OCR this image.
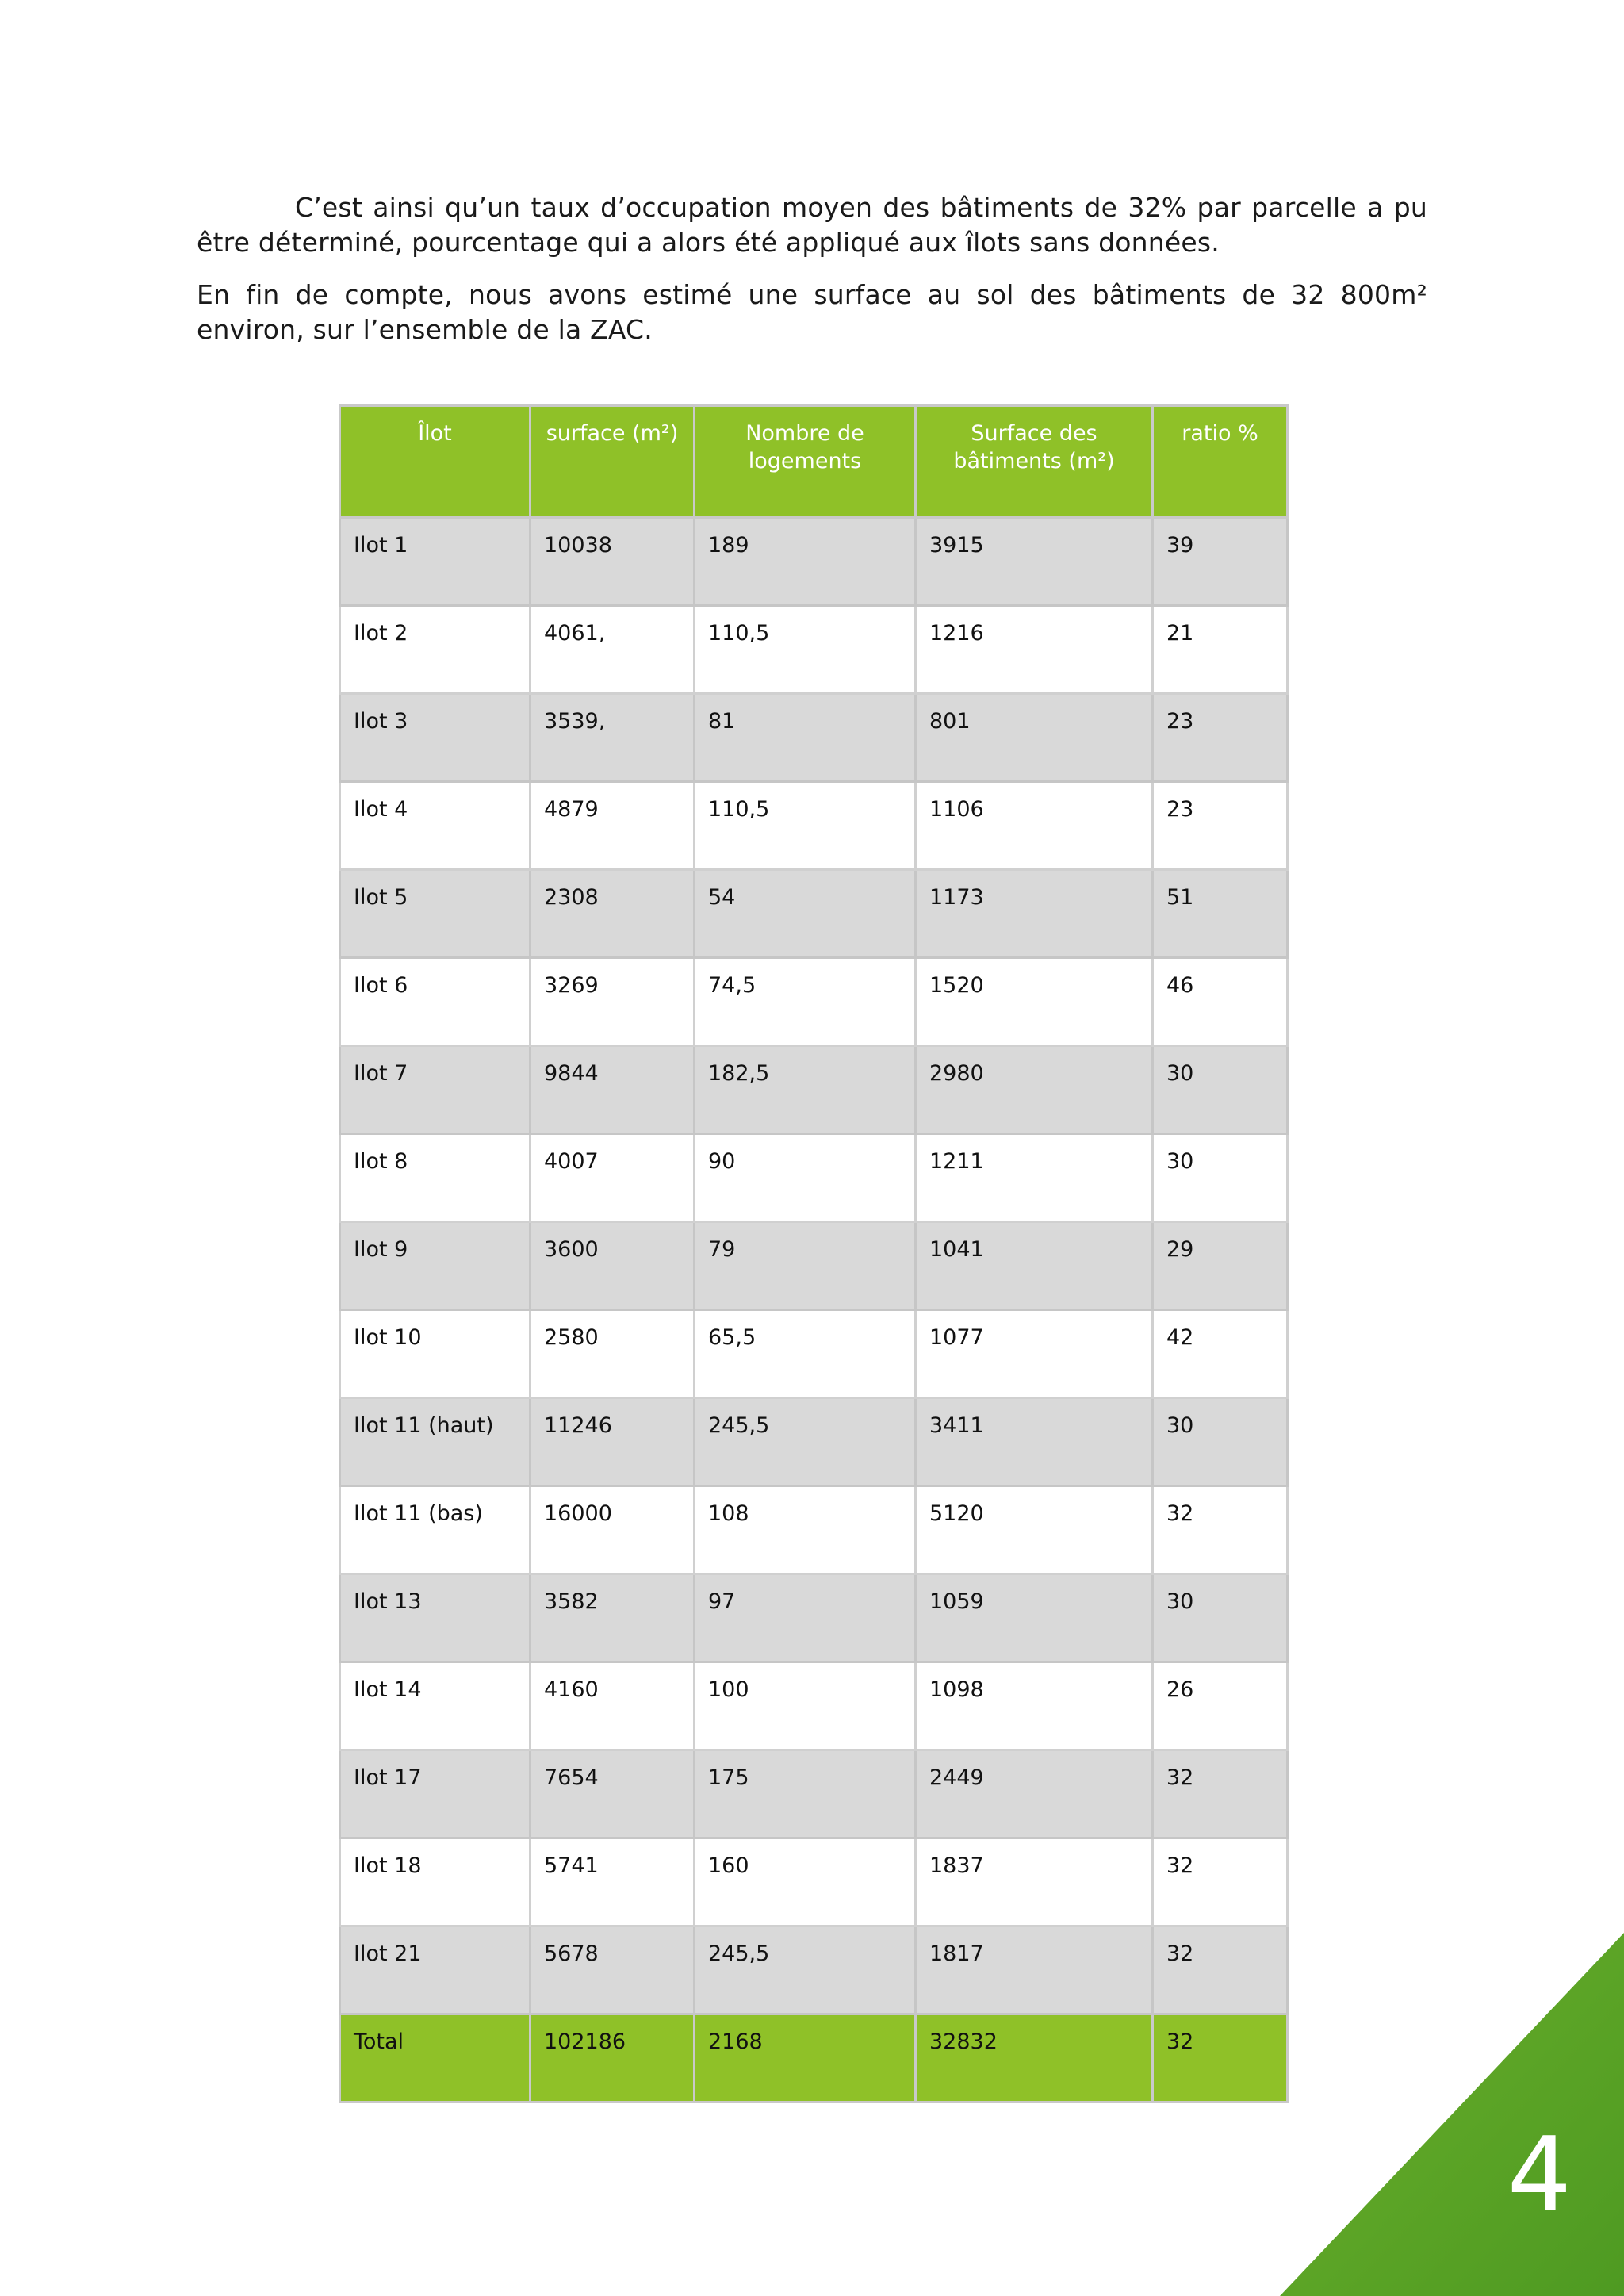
C’est ainsi qu’un taux d’occupation moyen des bâtiments de 32% par parcelle a pu être déterminé, pourcentage qui a alors été appliqué aux îlots sans données.

En fin de compte, nous avons estimé une surface au sol des bâtiments de 32 800m² environ, sur l’ensemble de la ZAC.

Îlot	surface (m²)	Nombre de logements	Surface des bâtiments (m²)	ratio %
Ilot 1	10038	189	3915	39
Ilot 2	4061,	110,5	1216	21
Ilot 3	3539,	81	801	23
Ilot 4	4879	110,5	1106	23
Ilot 5	2308	54	1173	51
Ilot 6	3269	74,5	1520	46
Ilot 7	9844	182,5	2980	30
Ilot 8	4007	90	1211	30
Ilot 9	3600	79	1041	29
Ilot 10	2580	65,5	1077	42
Ilot 11 (haut)	11246	245,5	3411	30
Ilot 11 (bas)	16000	108	5120	32
Ilot 13	3582	97	1059	30
Ilot 14	4160	100	1098	26
Ilot 17	7654	175	2449	32
Ilot 18	5741	160	1837	32
Ilot 21	5678	245,5	1817	32
Total	102186	2168	32832	32
4
